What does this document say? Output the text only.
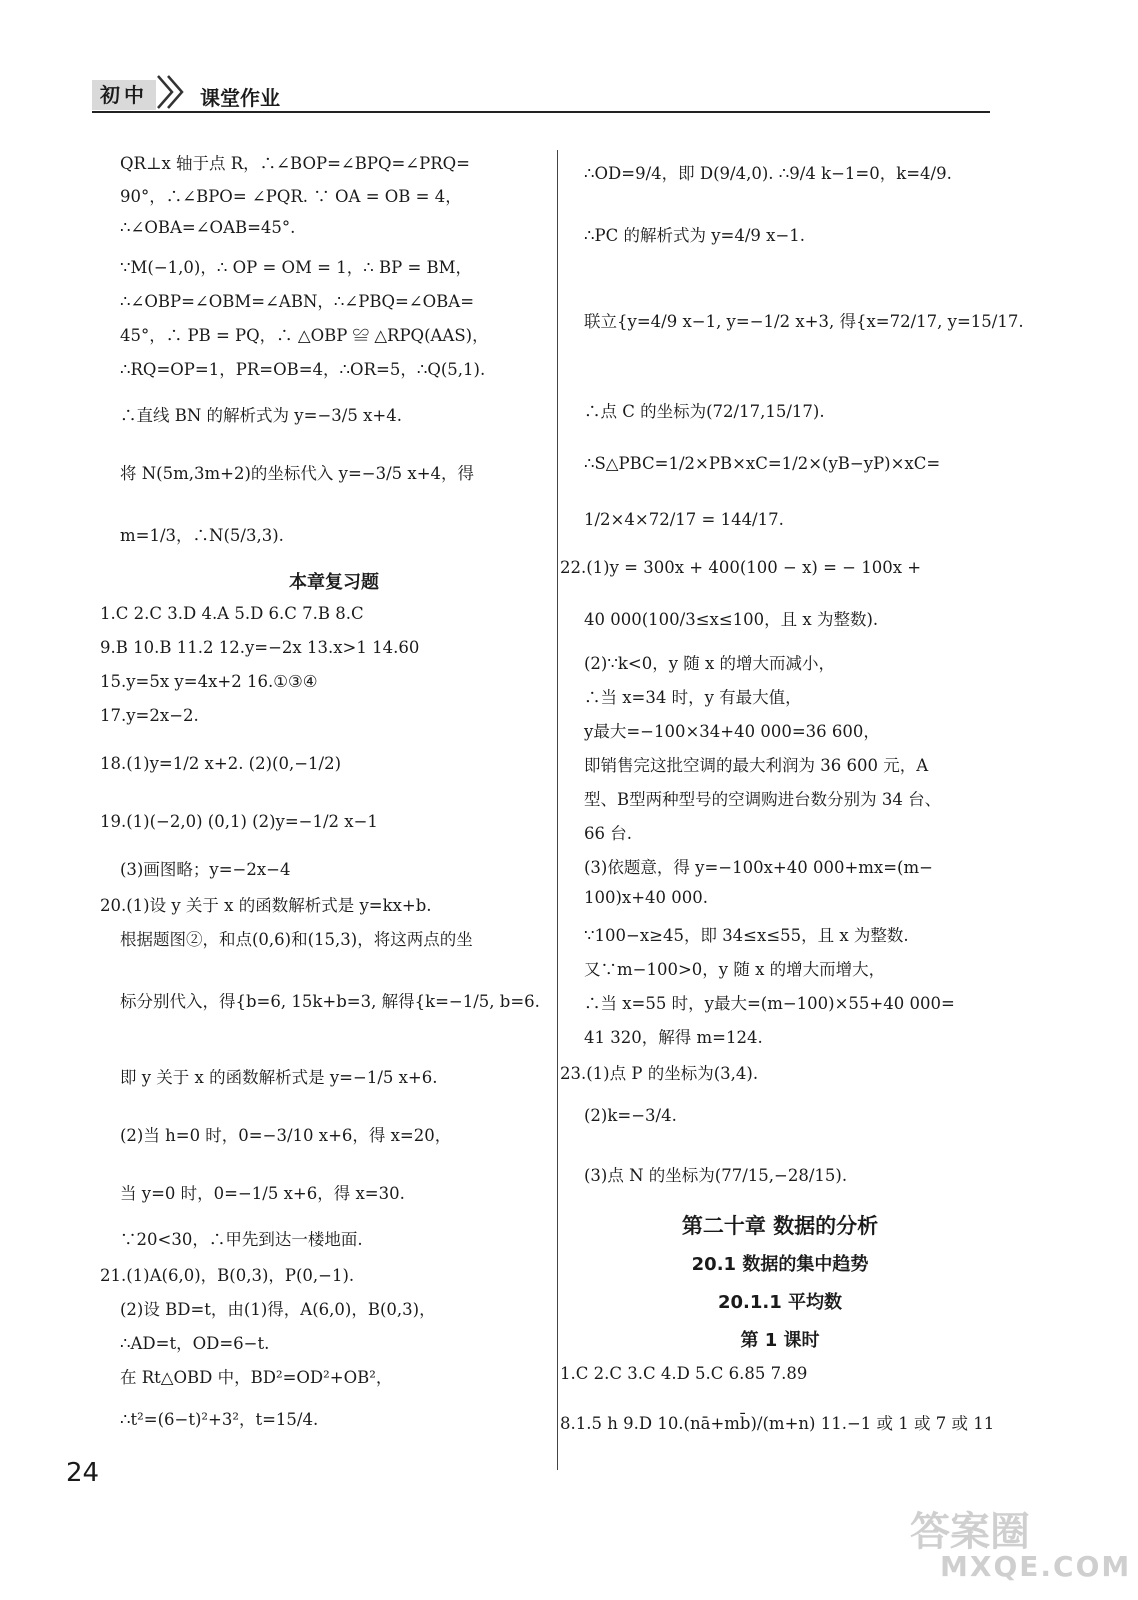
初中	课堂作业
QR⊥x 轴于点 R，∴∠BOP=∠BPQ=∠PRQ=
90°，∴∠BPO= ∠PQR. ∵ OA = OB = 4，
∴∠OBA=∠OAB=45°.
∵M(−1,0)，∴ OP = OM = 1，∴ BP = BM，
∴∠OBP=∠OBM=∠ABN，∴∠PBQ=∠OBA=
45°，∴ PB = PQ，∴ △OBP ≌ △RPQ(AAS)，
∴RQ=OP=1，PR=OB=4，∴OR=5，∴Q(5,1).
∴直线 BN 的解析式为 y=−3/5 x+4.
将 N(5m,3m+2)的坐标代入 y=−3/5 x+4，得
m=1/3，∴N(5/3,3).
本章复习题
1.C 2.C 3.D 4.A 5.D 6.C 7.B 8.C
9.B 10.B 11.2 12.y=−2x 13.x>1 14.60
15.y=5x y=4x+2 16.①③④
17.y=2x−2.
18.(1)y=1/2 x+2. (2)(0,−1/2)
19.(1)(−2,0) (0,1) (2)y=−1/2 x−1
(3)画图略；y=−2x−4
20.(1)设 y 关于 x 的函数解析式是 y=kx+b.
根据题图②，和点(0,6)和(15,3)，将这两点的坐
标分别代入，得{b=6, 15k+b=3, 解得{k=−1/5, b=6.
即 y 关于 x 的函数解析式是 y=−1/5 x+6.
(2)当 h=0 时，0=−3/10 x+6，得 x=20，
当 y=0 时，0=−1/5 x+6，得 x=30.
∵20<30，∴甲先到达一楼地面.
21.(1)A(6,0)，B(0,3)，P(0,−1).
(2)设 BD=t，由(1)得，A(6,0)，B(0,3)，
∴AD=t，OD=6−t.
在 Rt△OBD 中，BD²=OD²+OB²，
∴t²=(6−t)²+3²，t=15/4.
∴OD=9/4，即 D(9/4,0). ∴9/4 k−1=0，k=4/9.
∴PC 的解析式为 y=4/9 x−1.
联立{y=4/9 x−1, y=−1/2 x+3, 得{x=72/17, y=15/17.
∴点 C 的坐标为(72/17,15/17).
∴S△PBC=1/2×PB×xC=1/2×(yB−yP)×xC=
1/2×4×72/17 = 144/17.
22.(1)y = 300x + 400(100 − x) = − 100x +
40 000(100/3≤x≤100，且 x 为整数).
(2)∵k<0，y 随 x 的增大而减小，
∴当 x=34 时，y 有最大值，
y最大=−100×34+40 000=36 600，
即销售完这批空调的最大利润为 36 600 元，A
型、B型两种型号的空调购进台数分别为 34 台、
66 台.
(3)依题意，得 y=−100x+40 000+mx=(m−
100)x+40 000.
∵100−x≥45，即 34≤x≤55，且 x 为整数.
又∵m−100>0，y 随 x 的增大而增大，
∴当 x=55 时，y最大=(m−100)×55+40 000=
41 320，解得 m=124.
23.(1)点 P 的坐标为(3,4).
(2)k=−3/4.
(3)点 N 的坐标为(77/15,−28/15).
第二十章 数据的分析
20.1 数据的集中趋势
20.1.1 平均数
第 1 课时
1.C 2.C 3.C 4.D 5.C 6.85 7.89
8.1.5 h 9.D 10.(nā+mb̄)/(m+n) 11.−1 或 1 或 7 或 11
24
答案圈
MXQE.COM
